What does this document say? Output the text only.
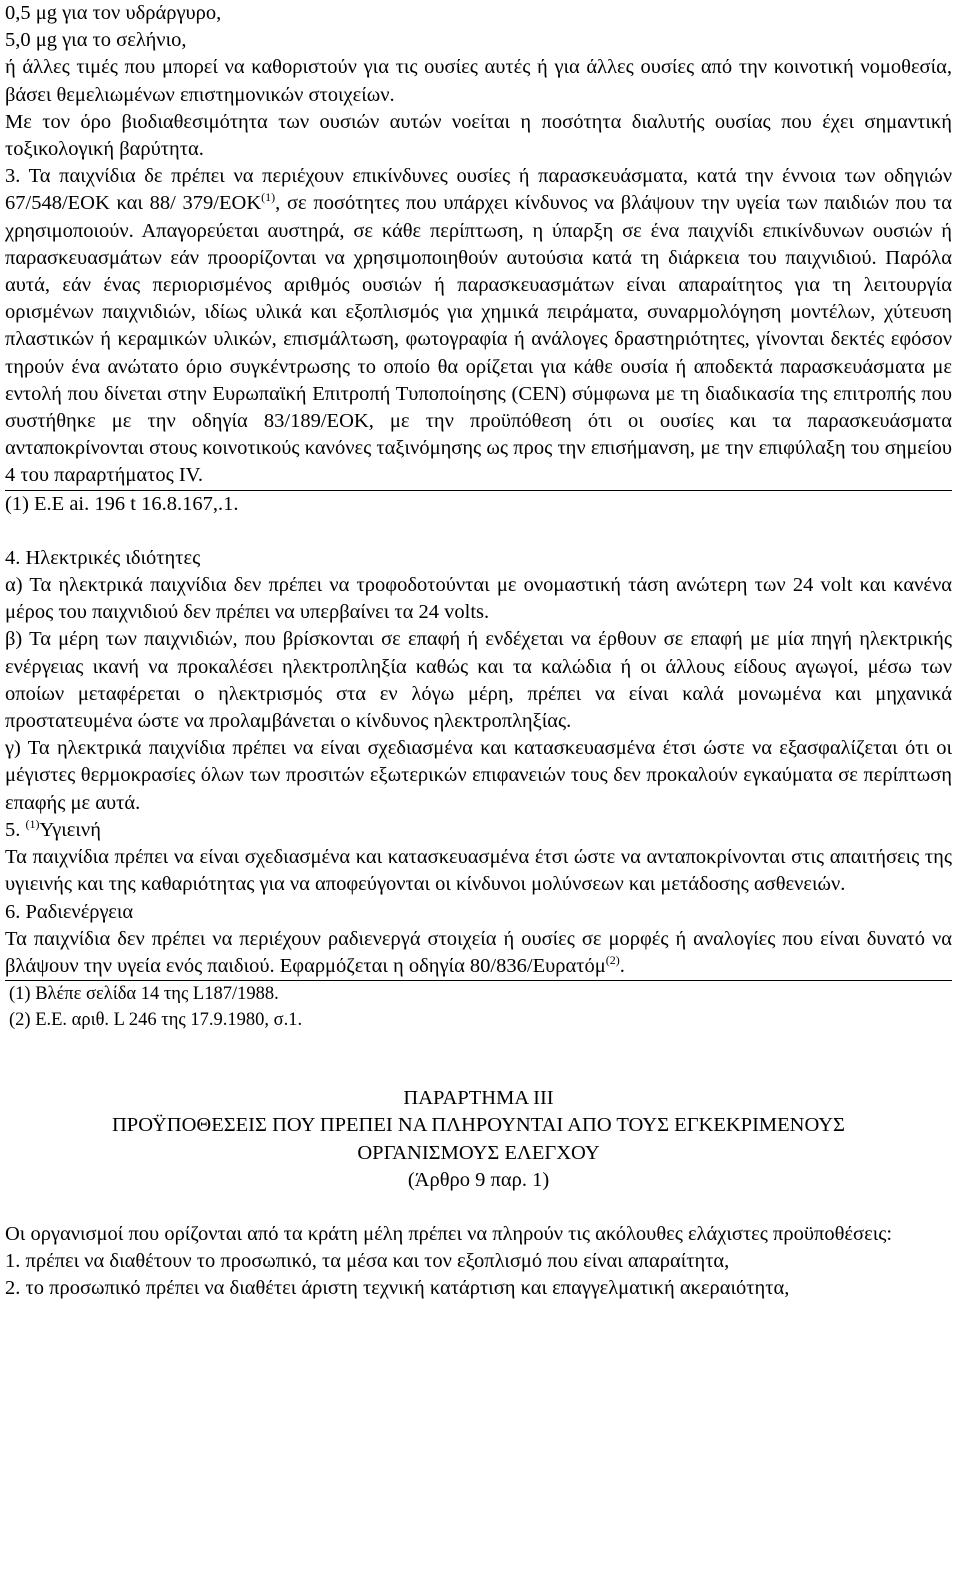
0,5 μg για τον υδράργυρο,
5,0 μg για το σελήνιο,
ή άλλες τιμές που μπορεί να καθοριστούν για τις ουσίες αυτές ή για άλλες ουσίες από την κοινοτική νομοθεσία, βάσει θεμελιωμένων επιστημονικών στοιχείων.
Με τον όρο βιοδιαθεσιμότητα των ουσιών αυτών νοείται η ποσότητα διαλυτής ουσίας που έχει σημαντική τοξικολογική βαρύτητα.
3. Τα παιχνίδια δε πρέπει να περιέχουν επικίνδυνες ουσίες ή παρασκευάσματα, κατά την έννοια των οδηγιών 67/548/ΕΟΚ και 88/ 379/ΕΟΚ$^{(1)}$, σε ποσότητες που υπάρχει κίνδυνος να βλάψουν την υγεία των παιδιών που τα χρησιμοποιούν. Απαγορεύεται αυστηρά, σε κάθε περίπτωση, η ύπαρξη σε ένα παιχνίδι επικίνδυνων ουσιών ή παρασκευασμάτων εάν προορίζονται να χρησιμοποιηθούν αυτούσια κατά τη διάρκεια του παιχνιδιού. Παρόλα αυτά, εάν ένας περιορισμένος αριθμός ουσιών ή παρασκευασμάτων είναι απαραίτητος για τη λειτουργία ορισμένων παιχνιδιών, ιδίως υλικά και εξοπλισμός για χημικά πειράματα, συναρμολόγηση μοντέλων, χύτευση πλαστικών ή κεραμικών υλικών, επισμάλτωση, φωτογραφία ή ανάλογες δραστηριότητες, γίνονται δεκτές εφόσον τηρούν ένα ανώτατο όριο συγκέντρωσης το οποίο θα ορίζεται για κάθε ουσία ή αποδεκτά παρασκευάσματα με εντολή που δίνεται στην Ευρωπαϊκή Επιτροπή Τυποποίησης (CEN) σύμφωνα με τη διαδικασία της επιτροπής που συστήθηκε με την οδηγία 83/189/ΕΟΚ, με την προϋπόθεση ότι οι ουσίες και τα παρασκευάσματα ανταποκρίνονται στους κοινοτικούς κανόνες ταξινόμησης ως προς την επισήμανση, με την επιφύλαξη του σημείου 4 του παραρτήματος IV.
(1) E.E ai. 196 t 16.8.167,.1.
4. Ηλεκτρικές ιδιότητες
α) Τα ηλεκτρικά παιχνίδια δεν πρέπει να τροφοδοτούνται με ονομαστική τάση ανώτερη των 24 volt και κανένα μέρος του παιχνιδιού δεν πρέπει να υπερβαίνει τα 24 volts.
β) Τα μέρη των παιχνιδιών, που βρίσκονται σε επαφή ή ενδέχεται να έρθουν σε επαφή με μία πηγή ηλεκτρικής ενέργειας ικανή να προκαλέσει ηλεκτροπληξία καθώς και τα καλώδια ή οι άλλους είδους αγωγοί, μέσω των οποίων μεταφέρεται ο ηλεκτρισμός στα εν λόγω μέρη, πρέπει να είναι καλά μονωμένα και μηχανικά προστατευμένα ώστε να προλαμβάνεται ο κίνδυνος ηλεκτροπληξίας.
γ) Τα ηλεκτρικά παιχνίδια πρέπει να είναι σχεδιασμένα και κατασκευασμένα έτσι ώστε να εξασφαλίζεται ότι οι μέγιστες θερμοκρασίες όλων των προσιτών εξωτερικών επιφανειών τους δεν προκαλούν εγκαύματα σε περίπτωση επαφής με αυτά.
5. $^{(1)}$Υγιεινή
Τα παιχνίδια πρέπει να είναι σχεδιασμένα και κατασκευασμένα έτσι ώστε να ανταποκρίνονται στις απαιτήσεις της υγιεινής και της καθαριότητας για να αποφεύγονται οι κίνδυνοι μολύνσεων και μετάδοσης ασθενειών.
6. Ραδιενέργεια
Τα παιχνίδια δεν πρέπει να περιέχουν ραδιενεργά στοιχεία ή ουσίες σε μορφές ή αναλογίες που είναι δυνατό να βλάψουν την υγεία ενός παιδιού. Εφαρμόζεται η οδηγία 80/836/Ευρατόμ$^{(2)}$.
(1) Βλέπε σελίδα 14 της L187/1988.
(2) Ε.Ε. αριθ. L 246 της 17.9.1980, σ.1.
ΠΑΡΑΡΤΗΜΑ ΙΙΙ
ΠΡΟΫΠΟΘΕΣΕΙΣ ΠΟΥ ΠΡΕΠΕΙ ΝΑ ΠΛΗΡΟΥΝΤΑΙ ΑΠΟ ΤΟΥΣ ΕΓΚΕΚΡΙΜΕΝΟΥΣ
ΟΡΓΑΝΙΣΜΟΥΣ ΕΛΕΓΧΟΥ
(Άρθρο 9 παρ. 1)
Οι οργανισμοί που ορίζονται από τα κράτη μέλη πρέπει να πληρούν τις ακόλουθες ελάχιστες προϋποθέσεις:
1. πρέπει να διαθέτουν το προσωπικό, τα μέσα και τον εξοπλισμό που είναι απαραίτητα,
2. το προσωπικό πρέπει να διαθέτει άριστη τεχνική κατάρτιση και επαγγελματική ακεραιότητα,
